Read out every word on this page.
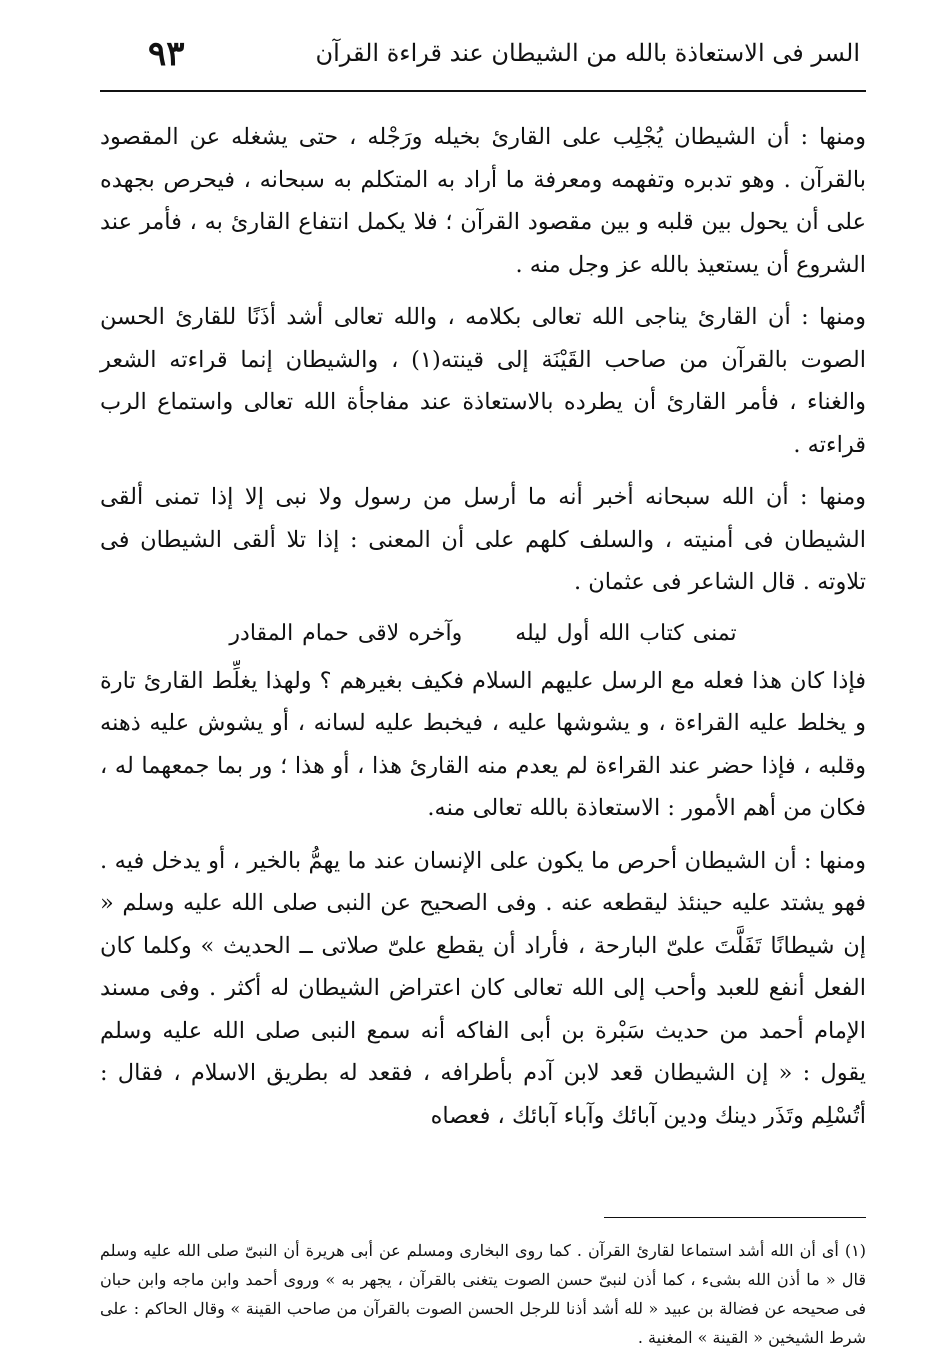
السر فى الاستعاذة بالله من الشيطان عند قراءة القرآن
٩٣

ومنها : أن الشيطان يُجْلِب على القارئ بخيله ورَجْله ، حتى يشغله عن المقصود بالقرآن . وهو تدبره وتفهمه ومعرفة ما أراد به المتكلم به سبحانه ، فيحرص بجهده على أن يحول بين قلبه و بين مقصود القرآن ؛ فلا يكمل انتفاع القارئ به ، فأمر عند الشروع أن يستعيذ بالله عز وجل منه .

ومنها : أن القارئ يناجى الله تعالى بكلامه ، والله تعالى أشد أذَنًا للقارئ الحسن الصوت بالقرآن من صاحب القَيْنَة إلى قينته(١) ، والشيطان إنما قراءته الشعر والغناء ، فأمر القارئ أن يطرده بالاستعاذة عند مفاجأة الله تعالى واستماع الرب قراءته .

ومنها : أن الله سبحانه أخبر أنه ما أرسل من رسول ولا نبى إلا إذا تمنى ألقى الشيطان فى أمنيته ، والسلف كلهم على أن المعنى : إذا تلا ألقى الشيطان فى تلاوته . قال الشاعر فى عثمان .

تمنى كتاب الله أول ليله وآخره لاقى حمام المقادر

فإذا كان هذا فعله مع الرسل عليهم السلام فكيف بغيرهم ؟ ولهذا يغلِّط القارئ تارة و يخلط عليه القراءة ، و يشوشها عليه ، فيخبط عليه لسانه ، أو يشوش عليه ذهنه وقلبه ، فإذا حضر عند القراءة لم يعدم منه القارئ هذا ، أو هذا ؛ ور بما جمعهما له ، فكان من أهم الأمور : الاستعاذة بالله تعالى منه.

ومنها : أن الشيطان أحرص ما يكون على الإنسان عند ما يهمُّ بالخير ، أو يدخل فيه . فهو يشتد عليه حينئذ ليقطعه عنه . وفى الصحيح عن النبى صلى الله عليه وسلم « إن شيطانًا تَفَلَّتَ علىّ البارحة ، فأراد أن يقطع علىّ صلاتى ــ الحديث » وكلما كان الفعل أنفع للعبد وأحب إلى الله تعالى كان اعتراض الشيطان له أكثر . وفى مسند الإمام أحمد من حديث سَبْرة بن أبى الفاكه أنه سمع النبى صلى الله عليه وسلم يقول : « إن الشيطان قعد لابن آدم بأطرافه ، فقعد له بطريق الاسلام ، فقال : أتُسْلِم وتَذَر دينك ودين آبائك وآباء آبائك ، فعصاه

(١) أى أن الله أشد استماعا لقارئ القرآن . كما روى البخارى ومسلم عن أبى هريرة أن النبىّ صلى الله عليه وسلم قال « ما أذن الله بشىء ، كما أذن لنبىّ حسن الصوت يتغنى بالقرآن ، يجهر به » وروى أحمد وابن ماجه وابن حبان فى صحيحه عن فضالة بن عبيد « لله أشد أذنا للرجل الحسن الصوت بالقرآن من صاحب القينة » وقال الحاكم : على شرط الشيخين « القينة » المغنية .
